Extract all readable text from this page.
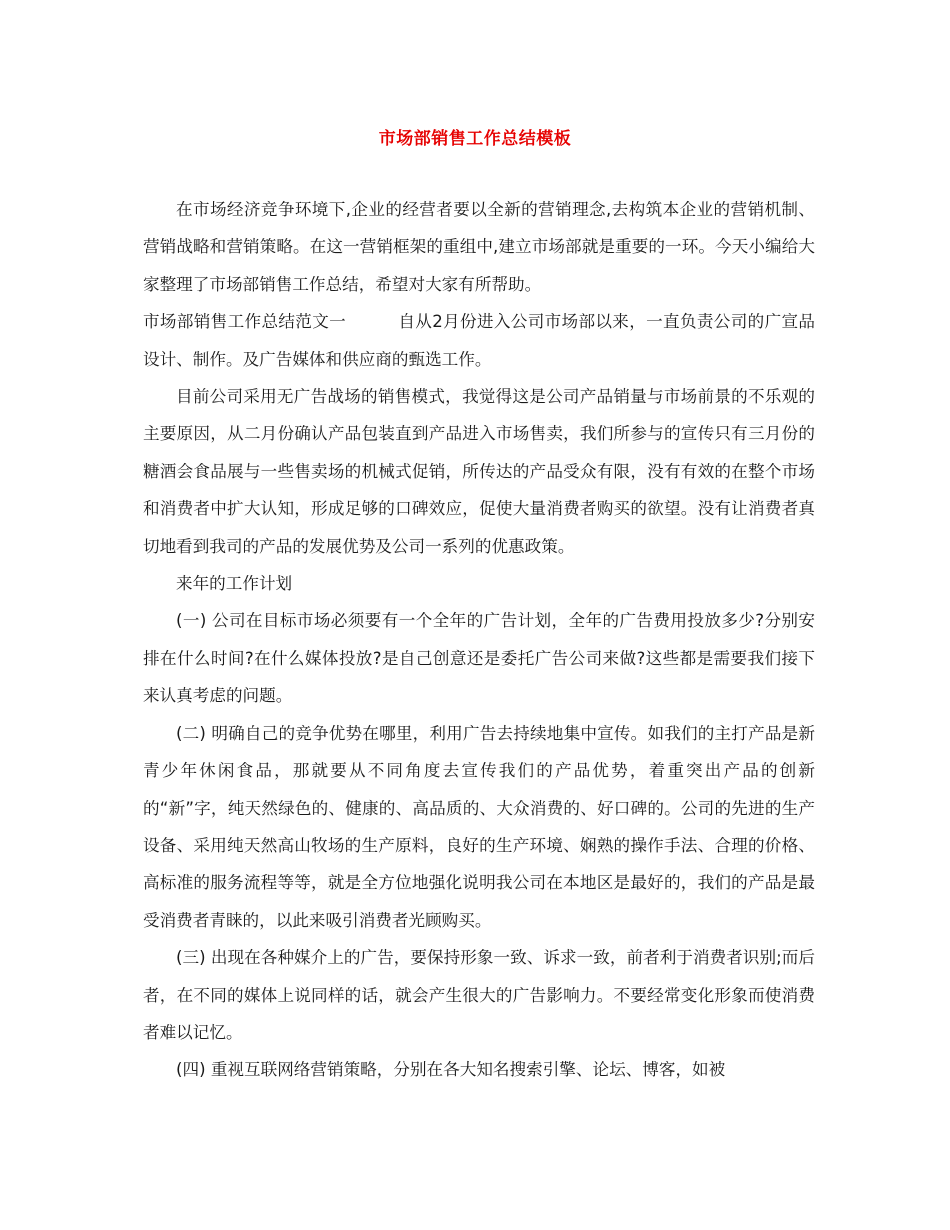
市场部销售工作总结模板

在市场经济竞争环境下,企业的经营者要以全新的营销理念,去构筑本企业的营销机制、营销战略和营销策略。在这一营销框架的重组中,建立市场部就是重要的一环。今天小编给大家整理了市场部销售工作总结，希望对大家有所帮助。

市场部销售工作总结范文一	自从2月份进入公司市场部以来，一直负责公司的广宣品设计、制作。及广告媒体和供应商的甄选工作。

目前公司采用无广告战场的销售模式，我觉得这是公司产品销量与市场前景的不乐观的主要原因，从二月份确认产品包装直到产品进入市场售卖，我们所参与的宣传只有三月份的糖酒会食品展与一些售卖场的机械式促销，所传达的产品受众有限，没有有效的在整个市场和消费者中扩大认知，形成足够的口碑效应，促使大量消费者购买的欲望。没有让消费者真切地看到我司的产品的发展优势及公司一系列的优惠政策。

来年的工作计划

(一) 公司在目标市场必须要有一个全年的广告计划，全年的广告费用投放多少?分别安排在什么时间?在什么媒体投放?是自己创意还是委托广告公司来做?这些都是需要我们接下来认真考虑的问题。

(二) 明确自己的竞争优势在哪里，利用广告去持续地集中宣传。如我们的主打产品是新青少年休闲食品，那就要从不同角度去宣传我们的产品优势，着重突出产品的创新的“新”字，纯天然绿色的、健康的、高品质的、大众消费的、好口碑的。公司的先进的生产设备、采用纯天然高山牧场的生产原料，良好的生产环境、娴熟的操作手法、合理的价格、高标准的服务流程等等，就是全方位地强化说明我公司在本地区是最好的，我们的产品是最受消费者青睐的，以此来吸引消费者光顾购买。

(三) 出现在各种媒介上的广告，要保持形象一致、诉求一致，前者利于消费者识别;而后者，在不同的媒体上说同样的话，就会产生很大的广告影响力。不要经常变化形象而使消费者难以记忆。

(四) 重视互联网络营销策略，分别在各大知名搜索引擎、论坛、博客，如被
